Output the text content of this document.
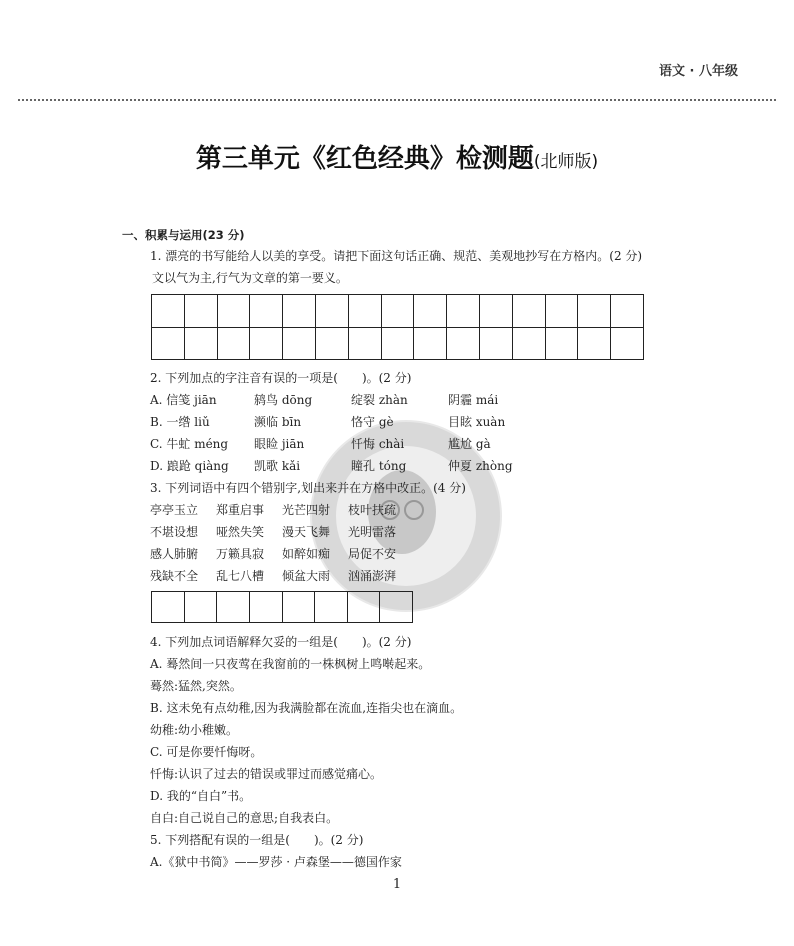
语文 · 八年级
第三单元《红色经典》检测题(北师版)
一、积累与运用(23 分)
1. 漂亮的书写能给人以美的享受。请把下面这句话正确、规范、美观地抄写在方格内。(2 分)
文以气为主,行气为文章的第一要义。

2. 下列加点的字注音有误的一项是(　　)。(2 分)
A. 信笺 jiān	鸫鸟 dōng	绽裂 zhàn	阴霾 mái
B. 一绺 liǔ	濒临 bīn	恪守 gè	目眩 xuàn
C. 牛虻 méng 眼睑 jiān	忏悔 chài	尴尬 gà
D. 踉跄 qiàng 凯歌 kǎi	瞳孔 tóng	仲夏 zhòng
3. 下列词语中有四个错别字,划出来并在方格中改正。(4 分)
亭亭玉立 郑重启事 光芒四射 枝叶扶疏
不堪设想 哑然失笑 漫天飞舞 光明雷落
感人肺腑 万籁具寂 如醉如痴 局促不安
残缺不全 乱七八槽 倾盆大雨 汹涌澎湃

4. 下列加点词语解释欠妥的一组是(　　)。(2 分)
A. 蓦然间一只夜莺在我窗前的一株枫树上鸣啭起来。
蓦然:猛然,突然。
B. 这未免有点幼稚,因为我满脸都在流血,连指尖也在滴血。
幼稚:幼小稚嫩。
C. 可是你要忏悔呀。
忏悔:认识了过去的错误或罪过而感觉痛心。
D. 我的“自白”书。
自白:自己说自己的意思;自我表白。
5. 下列搭配有误的一组是(　　)。(2 分)
A.《狱中书简》——罗莎 · 卢森堡——德国作家
1
